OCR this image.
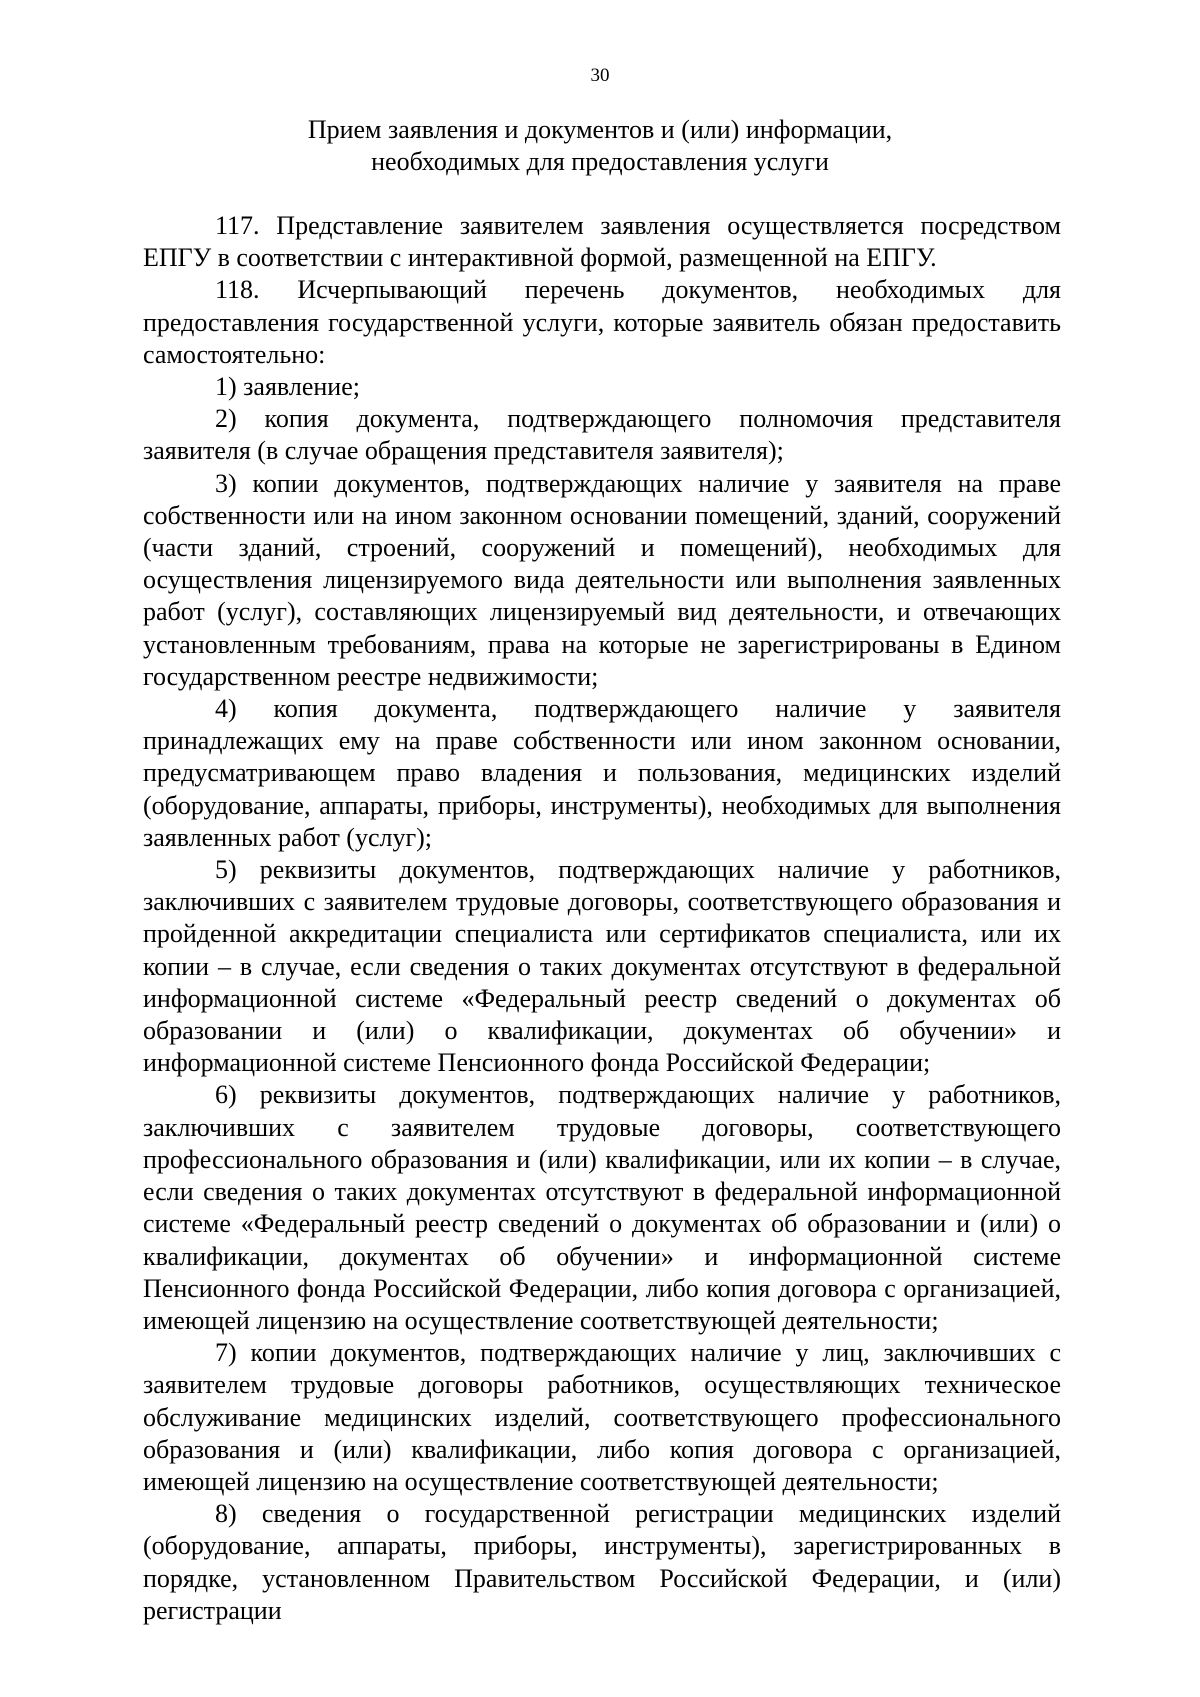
30
Прием заявления и документов и (или) информации,
необходимых для предоставления услуги

117. Представление заявителем заявления осуществляется посредством ЕПГУ в соответствии с интерактивной формой, размещенной на ЕПГУ.

118. Исчерпывающий перечень документов, необходимых для предоставления государственной услуги, которые заявитель обязан предоставить самостоятельно:

1) заявление;

2) копия документа, подтверждающего полномочия представителя заявителя (в случае обращения представителя заявителя);

3) копии документов, подтверждающих наличие у заявителя на праве собственности или на ином законном основании помещений, зданий, сооружений (части зданий, строений, сооружений и помещений), необходимых для осуществления лицензируемого вида деятельности или выполнения заявленных работ (услуг), составляющих лицензируемый вид деятельности, и отвечающих установленным требованиям, права на которые не зарегистрированы в Едином государственном реестре недвижимости;

4) копия документа, подтверждающего наличие у заявителя принадлежащих ему на праве собственности или ином законном основании, предусматривающем право владения и пользования, медицинских изделий (оборудование, аппараты, приборы, инструменты), необходимых для выполнения заявленных работ (услуг);

5) реквизиты документов, подтверждающих наличие у работников, заключивших с заявителем трудовые договоры, соответствующего образования и пройденной аккредитации специалиста или сертификатов специалиста, или их копии – в случае, если сведения о таких документах отсутствуют в федеральной информационной системе «Федеральный реестр сведений о документах об образовании и (или) о квалификации, документах об обучении» и информационной системе Пенсионного фонда Российской Федерации;

6) реквизиты документов, подтверждающих наличие у работников, заключивших с заявителем трудовые договоры, соответствующего профессионального образования и (или) квалификации, или их копии – в случае, если сведения о таких документах отсутствуют в федеральной информационной системе «Федеральный реестр сведений о документах об образовании и (или) о квалификации, документах об обучении» и информационной системе Пенсионного фонда Российской Федерации, либо копия договора с организацией, имеющей лицензию на осуществление соответствующей деятельности;

7) копии документов, подтверждающих наличие у лиц, заключивших с заявителем трудовые договоры работников, осуществляющих техническое обслуживание медицинских изделий, соответствующего профессионального образования и (или) квалификации, либо копия договора с организацией, имеющей лицензию на осуществление соответствующей деятельности;

8) сведения о государственной регистрации медицинских изделий (оборудование, аппараты, приборы, инструменты), зарегистрированных в порядке, установленном Правительством Российской Федерации, и (или) регистрации
